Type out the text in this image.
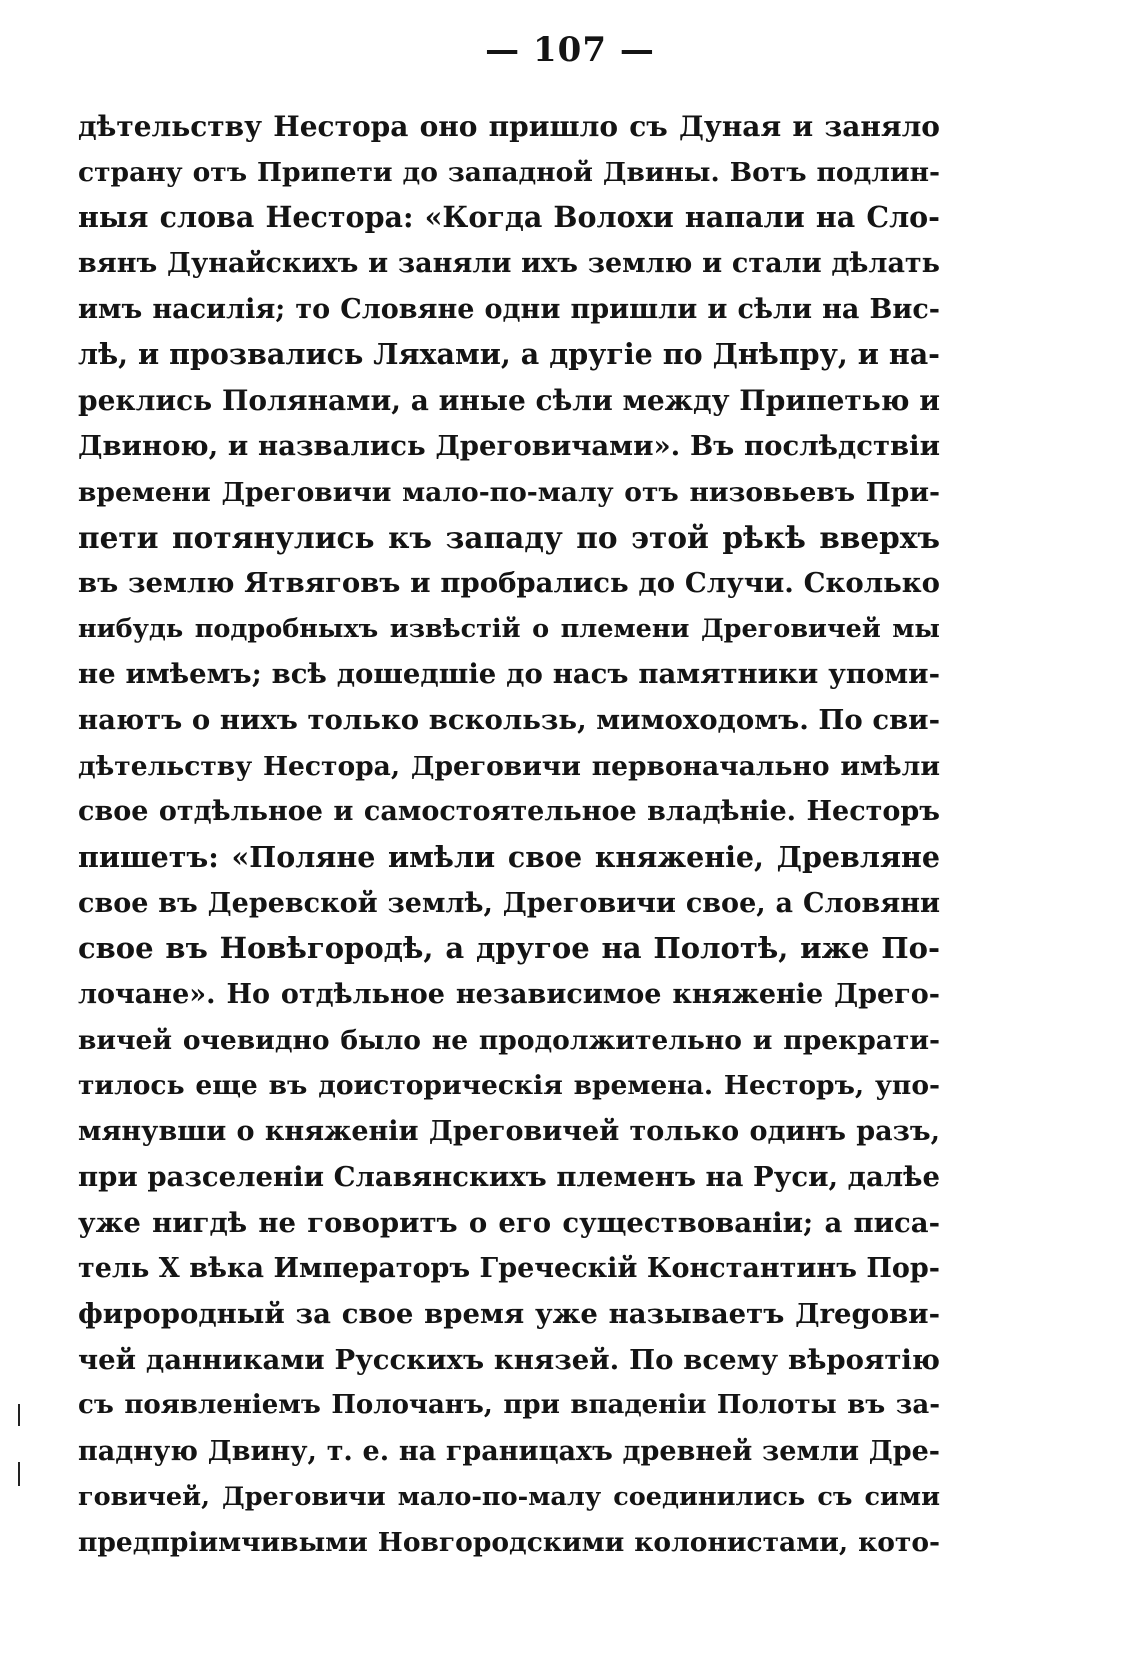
— 107 —
дѣтельству Нестора оно пришло съ Дуная и заняло
страну отъ Припети до западной Двины. Вотъ подлин-
ныя слова Нестора: «Когда Волохи напали на Сло-
вянъ Дунайскихъ и заняли ихъ землю и стали дѣлать
имъ насилія; то Словяне одни пришли и сѣли на Вис-
лѣ, и прозвались Ляхами, а другіе по Днѣпру, и на-
реклись Полянами, а иные сѣли между Припетью и
Двиною, и назвались Дреговичами». Въ послѣдствіи
времени Дреговичи мало-по-малу отъ низовьевъ При-
пети потянулись къ западу по этой рѣкѣ вверхъ
въ землю Ятвяговъ и пробрались до Случи. Сколько
нибудь подробныхъ извѣстій о племени Дреговичей мы
не имѣемъ; всѣ дошедшіе до насъ памятники упоми-
наютъ о нихъ только вскользь, мимоходомъ. По сви-
дѣтельству Нестора, Дреговичи первоначально имѣли
свое отдѣльное и самостоятельное владѣніе. Несторъ
пишетъ: «Поляне имѣли свое княженіе, Древляне
свое въ Деревской землѣ, Дреговичи свое, а Словяни
свое въ Новѣгородѣ, а другое на Полотѣ, иже По-
лочане». Но отдѣльное независимое княженіе Дрего-
вичей очевидно было не продолжительно и прекрати-
тилось еще въ доисторическія времена. Несторъ, упо-
мянувши о княженіи Дреговичей только одинъ разъ,
при разселеніи Славянскихъ племенъ на Руси, далѣе
уже нигдѣ не говоритъ о его существованіи; а писа-
тель X вѣка Императоръ Греческій Константинъ Пор-
фирородный за свое время уже называетъ Дregoви-
чей данниками Русскихъ князей. По всему вѣроятію
съ появленіемъ Полочанъ, при впаденіи Полоты въ за-
падную Двину, т. е. на границахъ древней земли Дре-
говичей, Дреговичи мало-по-малу соединились съ сими
предпріимчивыми Новгородскими колонистами, кото-
